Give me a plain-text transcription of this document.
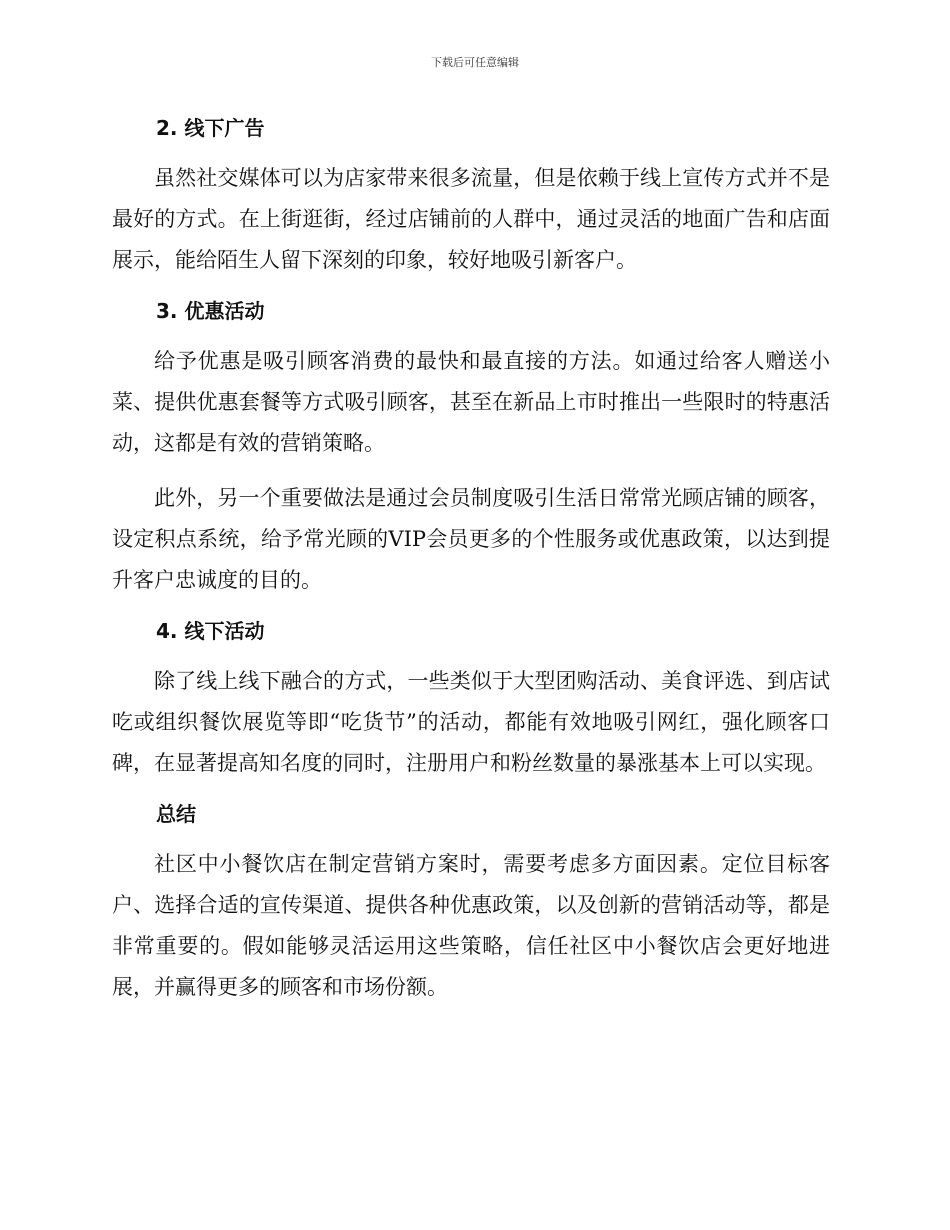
下载后可任意编辑
2. 线下广告

虽然社交媒体可以为店家带来很多流量，但是依赖于线上宣传方式并不是最好的方式。在上街逛街，经过店铺前的人群中，通过灵活的地面广告和店面展示，能给陌生人留下深刻的印象，较好地吸引新客户。

3. 优惠活动

给予优惠是吸引顾客消费的最快和最直接的方法。如通过给客人赠送小菜、提供优惠套餐等方式吸引顾客，甚至在新品上市时推出一些限时的特惠活动，这都是有效的营销策略。

此外，另一个重要做法是通过会员制度吸引生活日常常光顾店铺的顾客，设定积点系统，给予常光顾的VIP会员更多的个性服务或优惠政策，以达到提升客户忠诚度的目的。

4. 线下活动

除了线上线下融合的方式，一些类似于大型团购活动、美食评选、到店试吃或组织餐饮展览等即“吃货节”的活动，都能有效地吸引网红，强化顾客口碑，在显著提高知名度的同时，注册用户和粉丝数量的暴涨基本上可以实现。

总结

社区中小餐饮店在制定营销方案时，需要考虑多方面因素。定位目标客户、选择合适的宣传渠道、提供各种优惠政策，以及创新的营销活动等，都是非常重要的。假如能够灵活运用这些策略，信任社区中小餐饮店会更好地进展，并赢得更多的顾客和市场份额。
